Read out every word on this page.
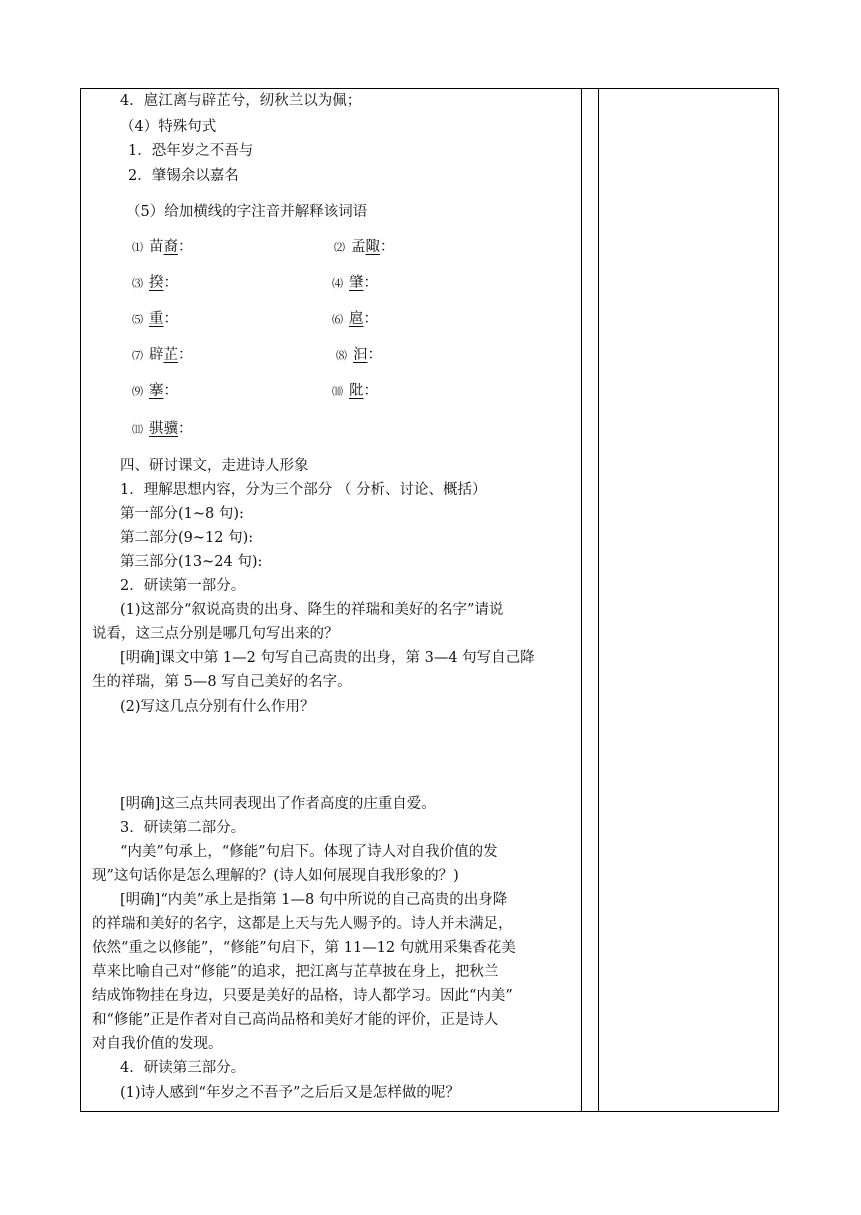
4．扈江离与辟芷兮，纫秋兰以为佩；
（4）特殊句式
1．恐年岁之不吾与
2．肇锡余以嘉名
（5）给加横线的字注音并解释该词语
⑴ 苗裔：	⑵ 孟陬：
⑶ 揆：	⑷ 肇：
⑸ 重：	⑹ 扈：
⑺ 辟芷：	⑻ 汩：
⑼ 搴：	⑽ 阰：
⑾ 骐骥：
四、研讨课文，走进诗人形象
1．理解思想内容，分为三个部分 （ 分析、讨论、概括）
第一部分(1~8 句):
第二部分(9~12 句):
第三部分(13~24 句):
2．研读第一部分。
(1)这部分“叙说高贵的出身、降生的祥瑞和美好的名字”请说
说看，这三点分别是哪几句写出来的？
[明确]课文中第 1—2 句写自己高贵的出身，第 3—4 句写自己降
生的祥瑞，第 5—8 写自己美好的名字。
(2)写这几点分别有什么作用？
[明确]这三点共同表现出了作者高度的庄重自爱。
3．研读第二部分。
“内美”句承上，“修能”句启下。体现了诗人对自我价值的发
现”这句话你是怎么理解的？(诗人如何展现自我形象的？)
[明确]“内美”承上是指第 1—8 句中所说的自己高贵的出身降
的祥瑞和美好的名字，这都是上天与先人赐予的。诗人并未满足，
依然“重之以修能”，“修能”句启下，第 11—12 句就用采集香花美
草来比喻自己对“修能”的追求，把江离与芷草披在身上，把秋兰
结成饰物挂在身边，只要是美好的品格，诗人都学习。因此“内美”
和“修能”正是作者对自己高尚品格和美好才能的评价，正是诗人
对自我价值的发现。
4．研读第三部分。
(1)诗人感到“年岁之不吾予”之后后又是怎样做的呢？
